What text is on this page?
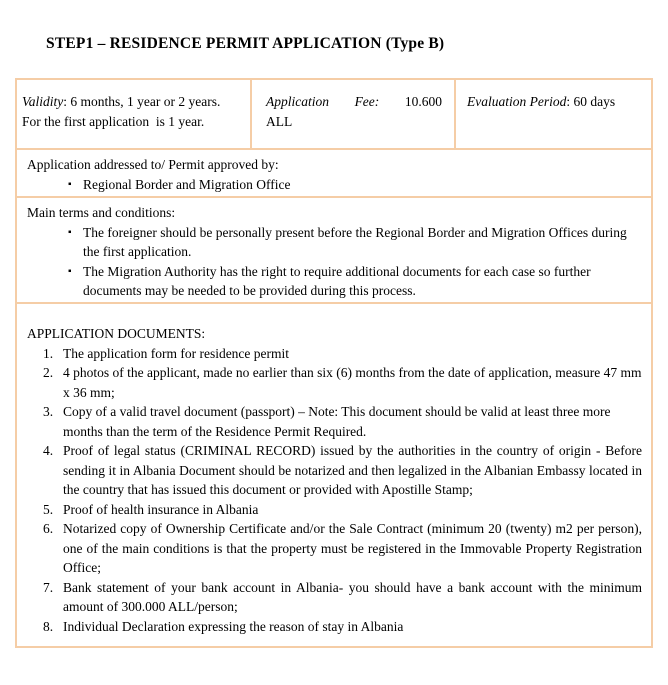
STEP1 – RESIDENCE PERMIT APPLICATION (Type B)
Validity: 6 months, 1 year or 2 years.
For the first application  is 1 year.
Application Fee: 10.600
ALL
Evaluation Period: 60 days
Application addressed to/ Permit approved by:
▪ Regional Border and Migration Office
Main terms and conditions:
▪ The foreigner should be personally present before the Regional Border and Migration Offices during the first application.
▪ The Migration Authority has the right to require additional documents for each case so further documents may be needed to be provided during this process.
APPLICATION DOCUMENTS:
1. The application form for residence permit
2. 4 photos of the applicant, made no earlier than six (6) months from the date of application, measure 47 mm x 36 mm;
3. Copy of a valid travel document (passport) – Note: This document should be valid at least three more months than the term of the Residence Permit Required.
4. Proof of legal status (CRIMINAL RECORD) issued by the authorities in the country of origin - Before sending it in Albania Document should be notarized and then legalized in the Albanian Embassy located in the country that has issued this document or provided with Apostille Stamp;
5. Proof of health insurance in Albania
6. Notarized copy of Ownership Certificate and/or the Sale Contract (minimum 20 (twenty) m2 per person), one of the main conditions is that the property must be registered in the Immovable Property Registration Office;
7. Bank statement of your bank account in Albania- you should have a bank account with the minimum amount of 300.000 ALL/person;
8. Individual Declaration expressing the reason of stay in Albania
